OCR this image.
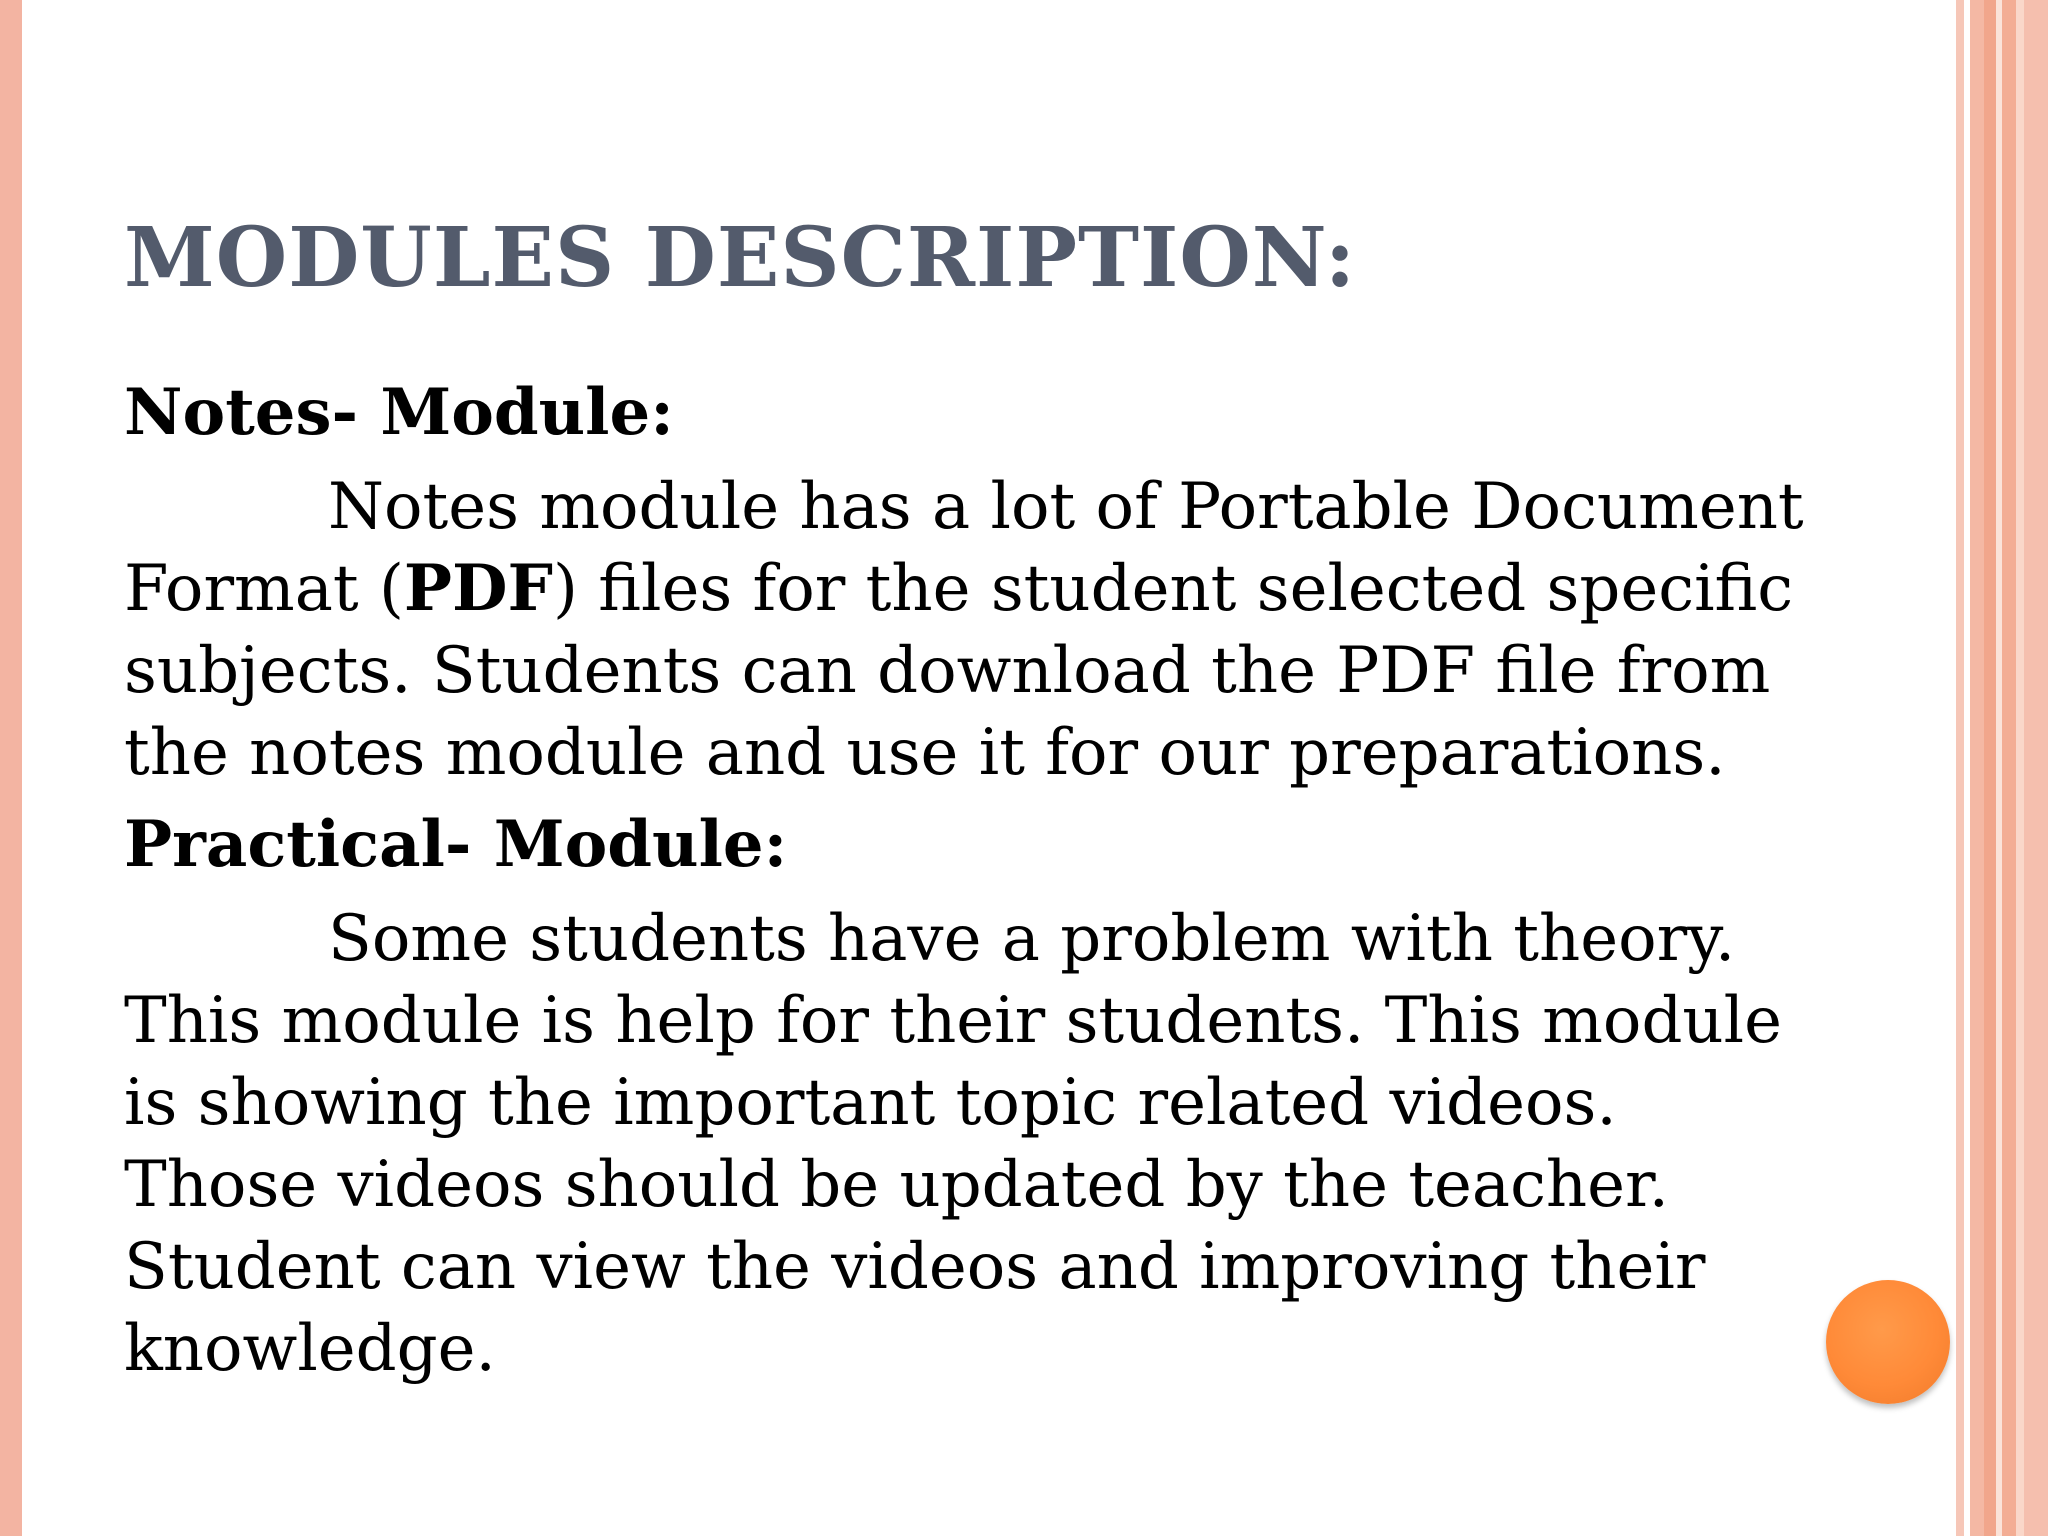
MODULES DESCRIPTION:

Notes- Module:

Notes module has a lot of Portable Document
Format (PDF) files for the student selected specific
subjects. Students can download the PDF file from
the notes module and use it for our preparations.

Practical- Module:

Some students have a problem with theory.
This module is help for their students. This module
is showing the important topic related videos.
Those videos should be updated by the teacher.
Student can view the videos and improving their
knowledge.
